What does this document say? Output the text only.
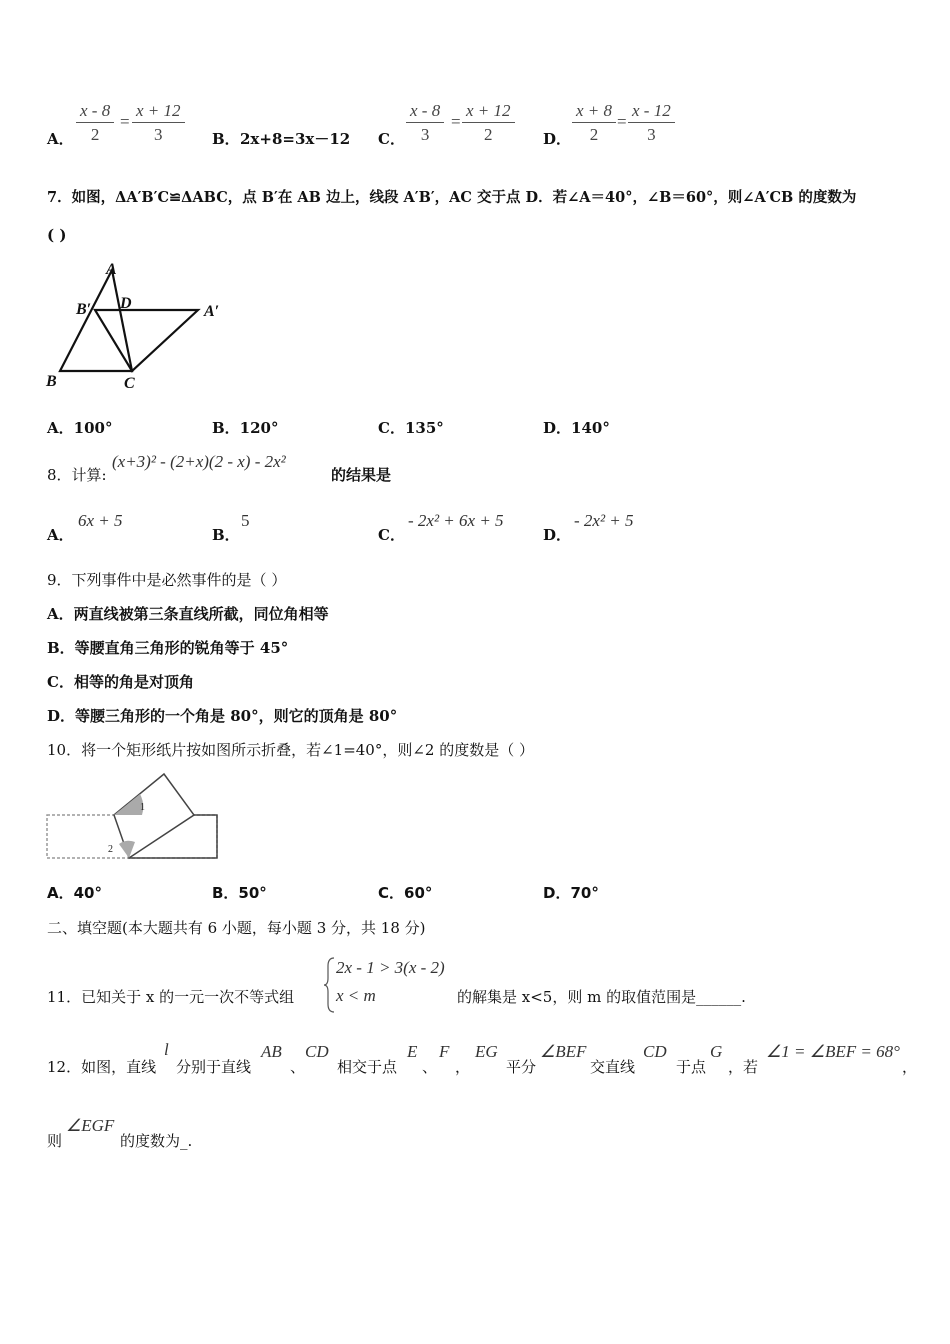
A． $\frac{x - 8}{2} = \frac{x + 12}{3}$ B． 2x+8=3x－12 C． $\frac{x - 8}{3} = \frac{x + 12}{2}$ D． $\frac{x + 8}{2} = \frac{x - 12}{3}$
7．如图，ΔA′B′C≌ΔABC，点 B′在 AB 边上，线段 A′B′，AC 交于点 D．若∠A＝40°，∠B＝60°，则∠A′CB 的度数为
( )
A
B′ D	A′
B	C
A．100°	B．120°	C．135°	D．140°
8．计算:
(x+3)² - (2+x)(2 - x) - 2x²
的结果是
A．
6x + 5
B．
5
C．
- 2x² + 6x + 5
D．
- 2x² + 5
9．下列事件中是必然事件的是（ ）
A．两直线被第三条直线所截，同位角相等
B．等腰直角三角形的锐角等于 45°
C．相等的角是对顶角
D．等腰三角形的一个角是 80°，则它的顶角是 80°
10．将一个矩形纸片按如图所示折叠，若∠1=40°，则∠2 的度数是（ ）
1
2
A．40°	B．50°	C．60°	D．70°
二、填空题(本大题共有 6 小题，每小题 3 分，共 18 分)
11．已知关于 x 的一元一次不等式组
2x - 1 > 3(x - 2)
x < m	的解集是 x<5，则 m 的取值范围是______.
12．如图，直线
l
分别于直线
AB
、
CD
相交于点
E
、
F
，
EG
平分
∠BEF
交直线
CD
于点
G
，若
∠1 = ∠BEF = 68°
，
则
∠EGF
的度数为_.
